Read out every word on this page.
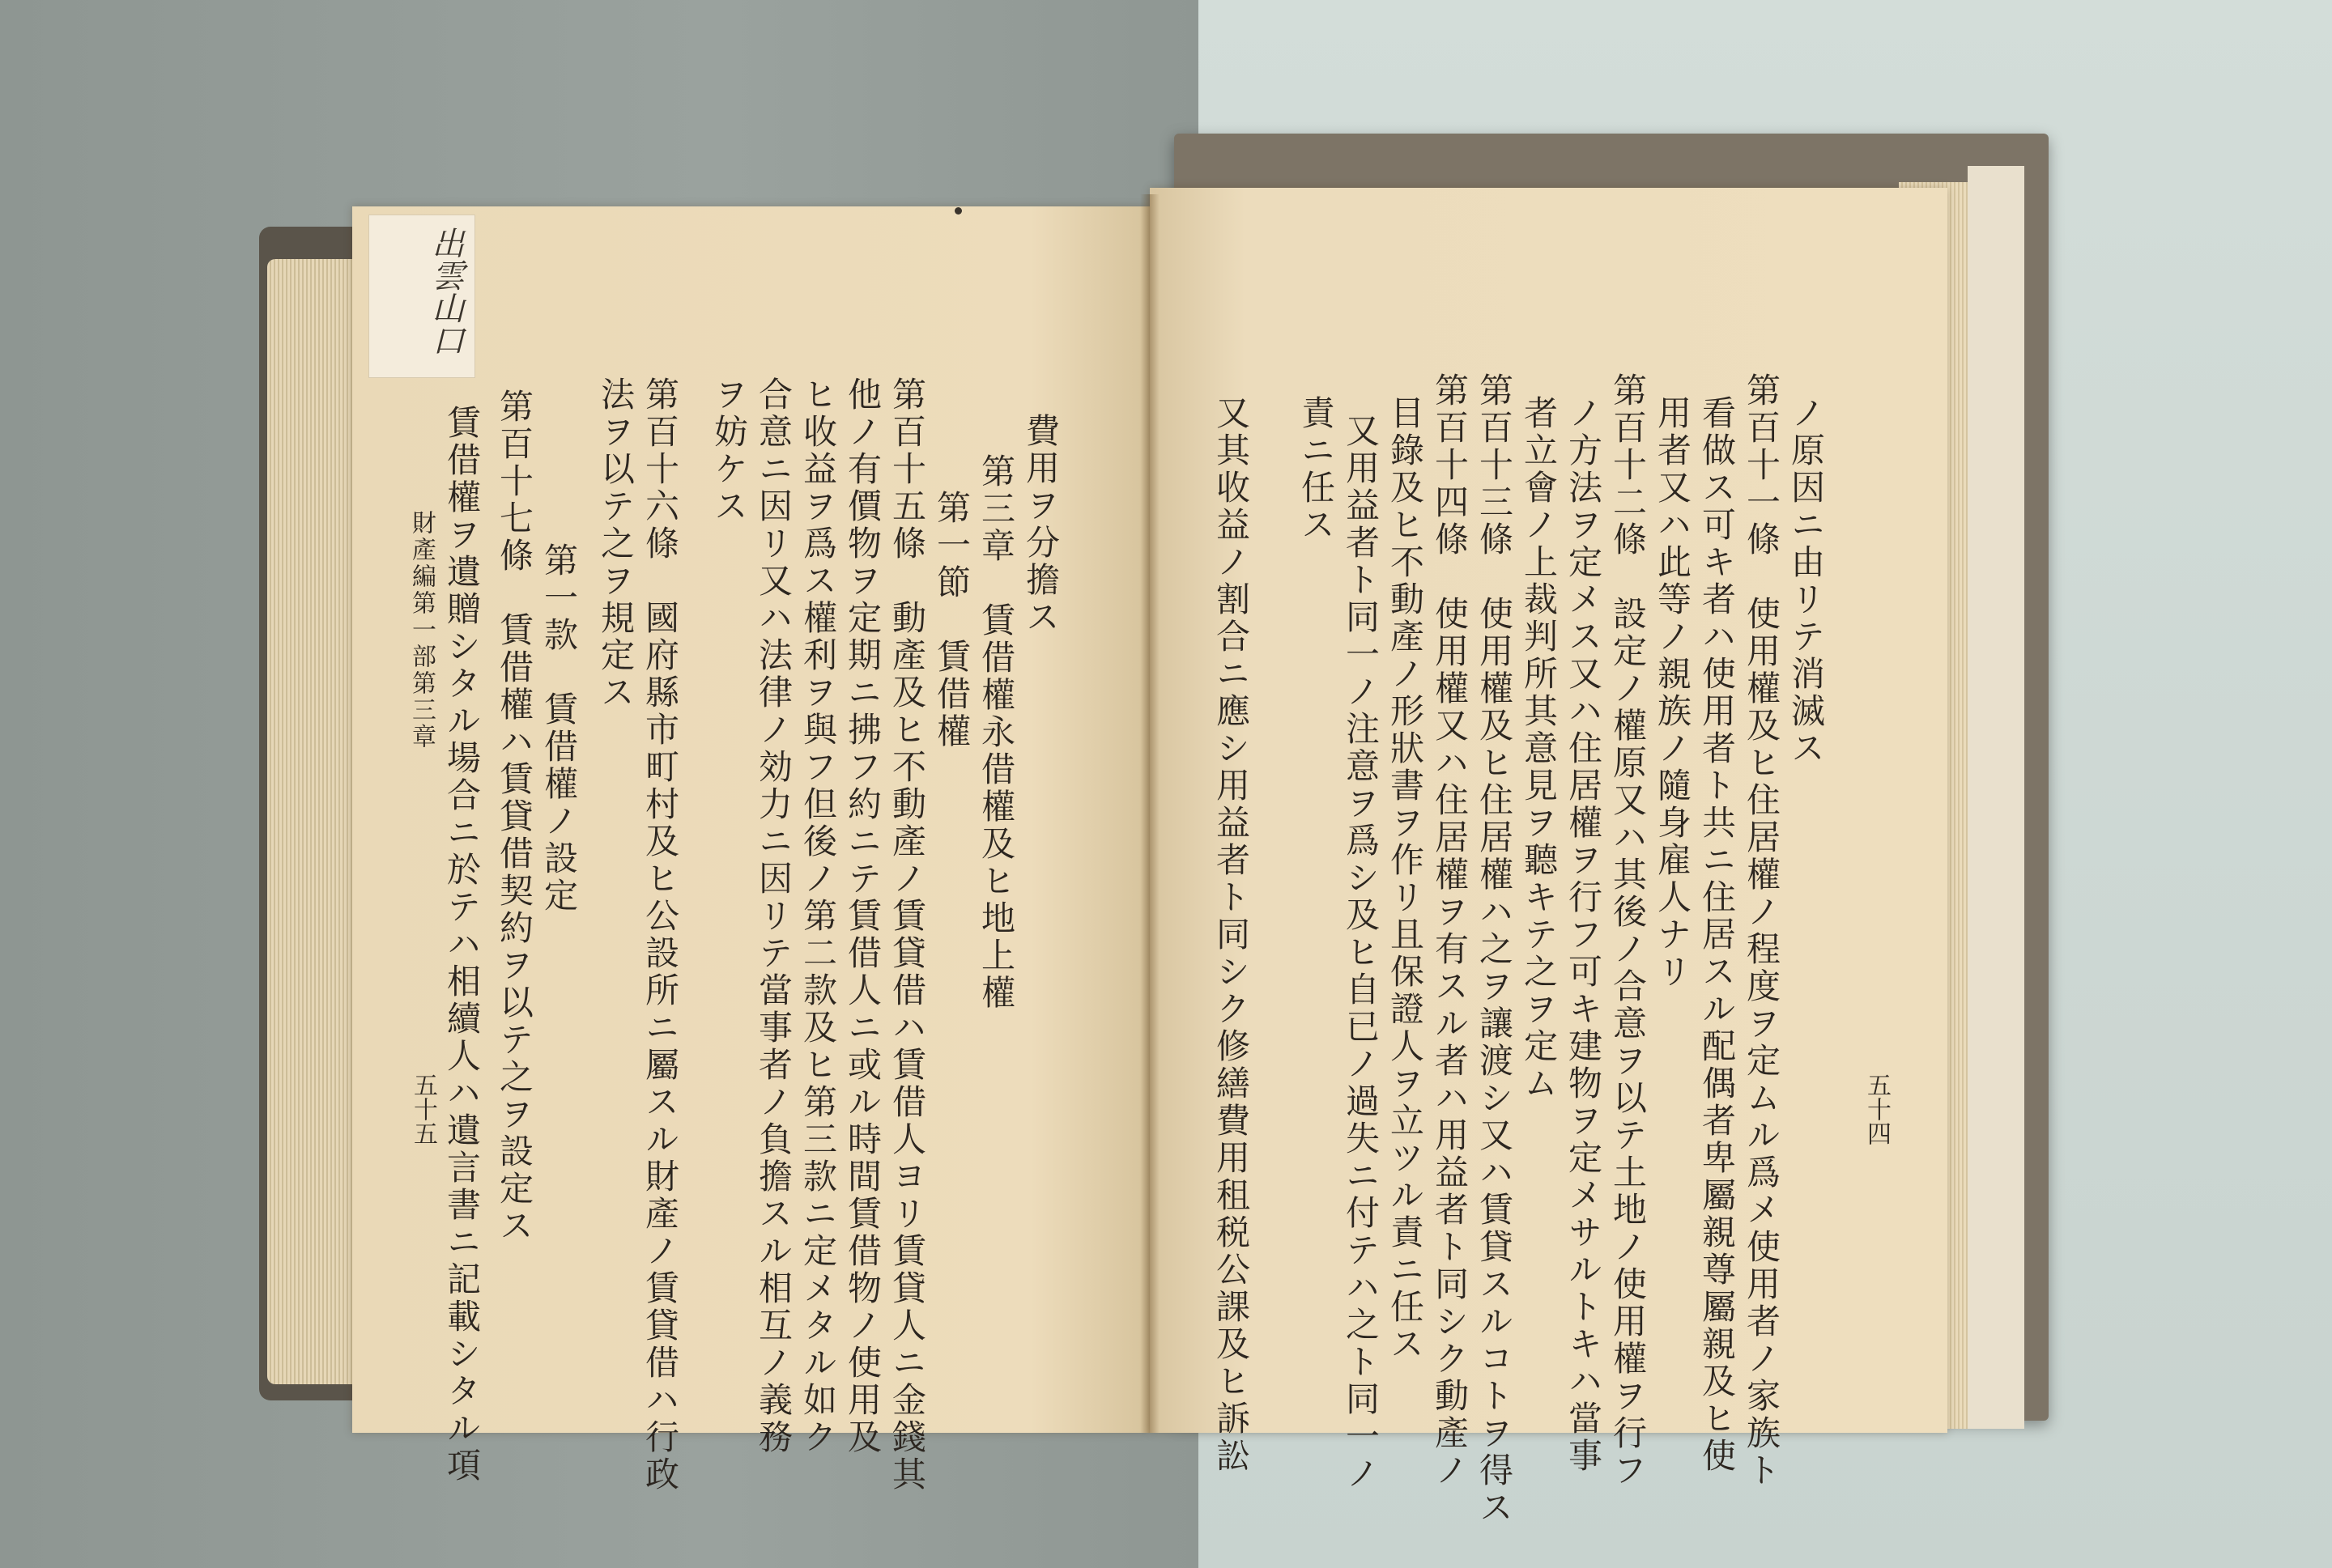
出雲山口
ノ原因ニ由リテ消滅ス
第百十一條　使用權及ヒ住居權ノ程度ヲ定ムル爲メ使用者ノ家族ト
看做ス可キ者ハ使用者ト共ニ住居スル配偶者卑屬親尊屬親及ヒ使
用者又ハ此等ノ親族ノ隨身雇人ナリ
第百十二條　設定ノ權原又ハ其後ノ合意ヲ以テ土地ノ使用權ヲ行フ
ノ方法ヲ定メス又ハ住居權ヲ行フ可キ建物ヲ定メサルトキハ當事
者立會ノ上裁判所其意見ヲ聽キテ之ヲ定ム
第百十三條　使用權及ヒ住居權ハ之ヲ讓渡シ又ハ賃貸スルコトヲ得ス
第百十四條　使用權又ハ住居權ヲ有スル者ハ用益者ト同シク動產ノ
目錄及ヒ不動產ノ形狀書ヲ作リ且保證人ヲ立ツル責ニ任ス
又用益者ト同一ノ注意ヲ爲シ及ヒ自已ノ過失ニ付テハ之ト同一ノ
責ニ任ス
又其收益ノ割合ニ應シ用益者ト同シク修繕費用租税公課及ヒ訴訟	五十四
費用ヲ分擔ス
第三章　賃借權永借權及ヒ地上權
第一節　賃借權
第百十五條　動產及ヒ不動產ノ賃貸借ハ賃借人ヨリ賃貸人ニ金錢其
他ノ有價物ヲ定期ニ拂フ約ニテ賃借人ニ或ル時間賃借物ノ使用及
ヒ收益ヲ爲ス權利ヲ與フ但後ノ第二款及ヒ第三款ニ定メタル如ク
合意ニ因リ又ハ法律ノ効力ニ因リテ當事者ノ負擔スル相互ノ義務
ヲ妨ケス
第百十六條　國府縣市町村及ヒ公設所ニ屬スル財產ノ賃貸借ハ行政
法ヲ以テ之ヲ規定ス
第一款　賃借權ノ設定
第百十七條　賃借權ハ賃貸借契約ヲ以テ之ヲ設定ス
賃借權ヲ遺贈シタル場合ニ於テハ相續人ハ遺言書ニ記載シタル項
財產編第一部第三章
五十五
